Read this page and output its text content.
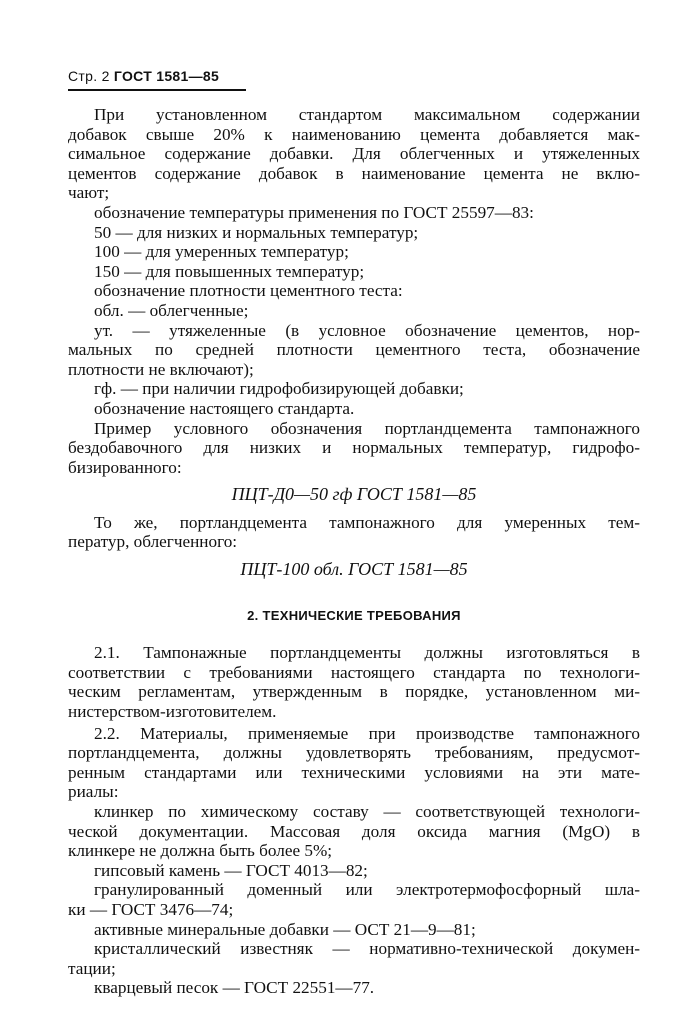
Стр. 2 ГОСТ 1581—85
При установленном стандартом максимальном содержании
добавок свыше 20% к наименованию цемента добавляется мак-
симальное содержание добавки. Для облегченных и утяжеленных
цементов содержание добавок в наименование цемента не вклю-
чают;
обозначение температуры применения по ГОСТ 25597—83:
50 — для низких и нормальных температур;
100 — для умеренных температур;
150 — для повышенных температур;
обозначение плотности цементного теста:
обл. — облегченные;
ут. — утяжеленные (в условное обозначение цементов, нор-
мальных по средней плотности цементного теста, обозначение
плотности не включают);
гф. — при наличии гидрофобизирующей добавки;
обозначение настоящего стандарта.
Пример условного обозначения портландцемента тампонажного
бездобавочного для низких и нормальных температур, гидрофо-
бизированного:
ПЦТ-Д0—50 гф ГОСТ 1581—85
То же, портландцемента тампонажного для умеренных тем-
ператур, облегченного:
ПЦТ-100 обл. ГОСТ 1581—85
2. ТЕХНИЧЕСКИЕ ТРЕБОВАНИЯ
2.1. Тампонажные портландцементы должны изготовляться в
соответствии с требованиями настоящего стандарта по технологи-
ческим регламентам, утвержденным в порядке, установленном ми-
нистерством-изготовителем.
2.2. Материалы, применяемые при производстве тампонажного
портландцемента, должны удовлетворять требованиям, предусмот-
ренным стандартами или техническими условиями на эти мате-
риалы:
клинкер по химическому составу — соответствующей технологи-
ческой документации. Массовая доля оксида магния (MgO) в
клинкере не должна быть более 5%;
гипсовый камень — ГОСТ 4013—82;
гранулированный доменный или электротермофосфорный шла-
ки — ГОСТ 3476—74;
активные минеральные добавки — ОСТ 21—9—81;
кристаллический известняк — нормативно-технической докумен-
тации;
кварцевый песок — ГОСТ 22551—77.
